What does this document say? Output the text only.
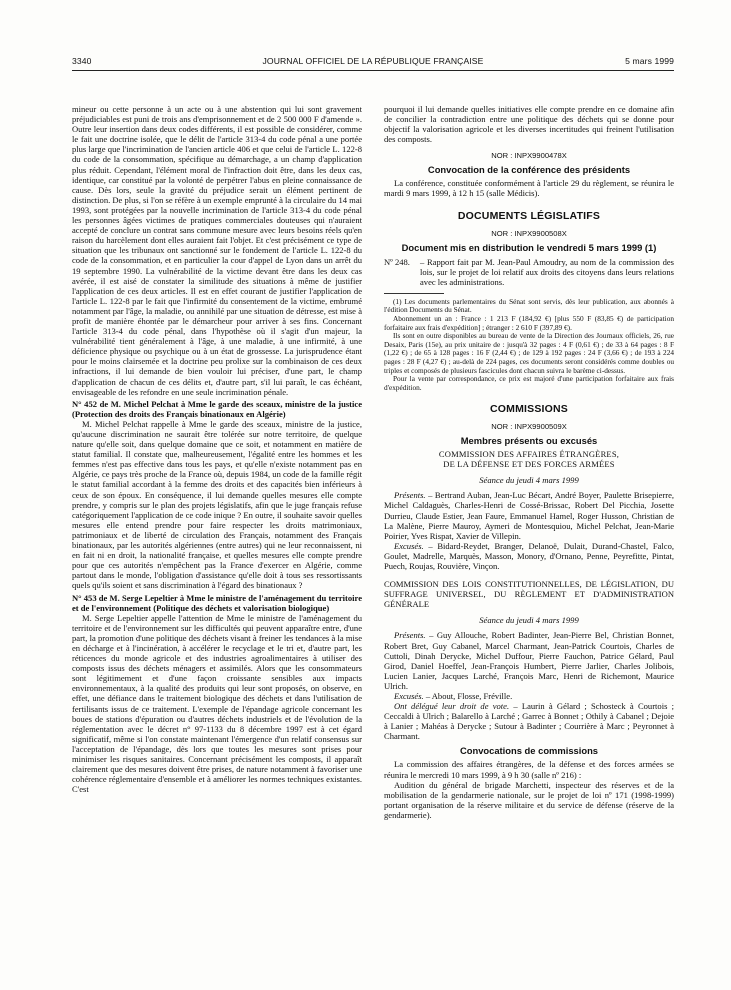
3340	JOURNAL OFFICIEL DE LA RÉPUBLIQUE FRANÇAISE	5 mars 1999

mineur ou cette personne à un acte ou à une abstention qui lui sont gravement préjudiciables est puni de trois ans d'emprisonnement et de 2 500 000 F d'amende ». Outre leur insertion dans deux codes différents, il est possible de considérer, comme le fait une doctrine isolée, que le délit de l'article 313-4 du code pénal a une portée plus large que l'incrimination de l'ancien article 406 et que celui de l'article L. 122-8 du code de la consommation, spécifique au démarchage, a un champ d'application plus réduit. Cependant, l'élément moral de l'infraction doit être, dans les deux cas, identique, car constitué par la volonté de perpétrer l'abus en pleine connaissance de cause. Dès lors, seule la gravité du préjudice serait un élément pertinent de distinction. De plus, si l'on se réfère à un exemple emprunté à la circulaire du 14 mai 1993, sont protégées par la nouvelle incrimination de l'article 313-4 du code pénal les personnes âgées victimes de pratiques commerciales douteuses qui n'auraient accepté de conclure un contrat sans commune mesure avec leurs besoins réels qu'en raison du harcèlement dont elles auraient fait l'objet. Et c'est précisément ce type de situation que les tribunaux ont sanctionné sur le fondement de l'article L. 122-8 du code de la consommation, et en particulier la cour d'appel de Lyon dans un arrêt du 19 septembre 1990. La vulnérabilité de la victime devant être dans les deux cas avérée, il est aisé de constater la similitude des situations à même de justifier l'application de ces deux articles. Il est en effet courant de justifier l'application de l'article L. 122-8 par le fait que l'infirmité du consentement de la victime, embrumé notamment par l'âge, la maladie, ou annihilé par une situation de détresse, est mise à profit de manière éhontée par le démarcheur pour arriver à ses fins. Concernant l'article 313-4 du code pénal, dans l'hypothèse où il s'agit d'un majeur, la vulnérabilité tient généralement à l'âge, à une maladie, à une infirmité, à une déficience physique ou psychique ou à un état de grossesse. La jurisprudence étant pour le moins clairsemée et la doctrine peu prolixe sur la combinaison de ces deux infractions, il lui demande de bien vouloir lui préciser, d'une part, le champ d'application de chacun de ces délits et, d'autre part, s'il lui paraît, le cas échéant, envisageable de les refondre en une seule incrimination pénale.

N° 452 de M. Michel Pelchat à Mme le garde des sceaux, ministre de la justice (Protection des droits des Français binationaux en Algérie)

M. Michel Pelchat rappelle à Mme le garde des sceaux, ministre de la justice, qu'aucune discrimination ne saurait être tolérée sur notre territoire, de quelque nature qu'elle soit, dans quelque domaine que ce soit, et notamment en matière de statut familial. Il constate que, malheureusement, l'égalité entre les hommes et les femmes n'est pas effective dans tous les pays, et qu'elle n'existe notamment pas en Algérie, ce pays très proche de la France où, depuis 1984, un code de la famille régit le statut familial accordant à la femme des droits et des capacités bien inférieurs à ceux de son époux. En conséquence, il lui demande quelles mesures elle compte prendre, y compris sur le plan des projets législatifs, afin que le juge français refuse catégoriquement l'application de ce code inique ? En outre, il souhaite savoir quelles mesures elle entend prendre pour faire respecter les droits matrimoniaux, patrimoniaux et de liberté de circulation des Français, notamment des Français binationaux, par les autorités algériennes (entre autres) qui ne leur reconnaissent, ni en fait ni en droit, la nationalité française, et quelles mesures elle compte prendre pour que ces autorités n'empêchent pas la France d'exercer en Algérie, comme partout dans le monde, l'obligation d'assistance qu'elle doit à tous ses ressortissants quels qu'ils soient et sans discrimination à l'égard des binationaux ?

N° 453 de M. Serge Lepeltier à Mme le ministre de l'aménagement du territoire et de l'environnement (Politique des déchets et valorisation biologique)

M. Serge Lepeltier appelle l'attention de Mme le ministre de l'aménagement du territoire et de l'environnement sur les difficultés qui peuvent apparaître entre, d'une part, la promotion d'une politique des déchets visant à freiner les tendances à la mise en décharge et à l'incinération, à accélérer le recyclage et le tri et, d'autre part, les réticences du monde agricole et des industries agroalimentaires à utiliser des composts issus des déchets ménagers et assimilés. Alors que les consommateurs sont légitimement et d'une façon croissante sensibles aux impacts environnementaux, à la qualité des produits qui leur sont proposés, on observe, en effet, une défiance dans le traitement biologique des déchets et dans l'utilisation de fertilisants issus de ce traitement. L'exemple de l'épandage agricole concernant les boues de stations d'épuration ou d'autres déchets industriels et de l'évolution de la réglementation avec le décret n° 97-1133 du 8 décembre 1997 est à cet égard significatif, même si l'on constate maintenant l'émergence d'un relatif consensus sur l'acceptation de l'épandage, dès lors que toutes les mesures sont prises pour minimiser les risques sanitaires. Concernant précisément les composts, il apparaît clairement que des mesures doivent être prises, de nature notamment à favoriser une cohérence réglementaire d'ensemble et à améliorer les normes techniques existantes. C'est

pourquoi il lui demande quelles initiatives elle compte prendre en ce domaine afin de concilier la contradiction entre une politique des déchets qui se donne pour objectif la valorisation agricole et les diverses incertitudes qui freinent l'utilisation des composts.

NOR : INPX9900478X
Convocation de la conférence des présidents

La conférence, constituée conformément à l'article 29 du règlement, se réunira le mardi 9 mars 1999, à 12 h 15 (salle Médicis).

DOCUMENTS LÉGISLATIFS
NOR : INPX9900508X
Document mis en distribution le vendredi 5 mars 1999 (1)
Nº 248.	– Rapport fait par M. Jean-Paul Amoudry, au nom de la commission des lois, sur le projet de loi relatif aux droits des citoyens dans leurs relations avec les administrations.

(1) Les documents parlementaires du Sénat sont servis, dès leur publication, aux abonnés à l'édition Documents du Sénat.

Abonnement un an : France : 1 213 F (184,92 €) [plus 550 F (83,85 €) de participation forfaitaire aux frais d'expédition] ; étranger : 2 610 F (397,89 €).

Ils sont en outre disponibles au bureau de vente de la Direction des Journaux officiels, 26, rue Desaix, Paris (15e), au prix unitaire de : jusqu'à 32 pages : 4 F (0,61 €) ; de 33 à 64 pages : 8 F (1,22 €) ; de 65 à 128 pages : 16 F (2,44 €) ; de 129 à 192 pages : 24 F (3,66 €) ; de 193 à 224 pages : 28 F (4,27 €) ; au-delà de 224 pages, ces documents seront considérés comme doubles ou triples et composés de plusieurs fascicules dont chacun suivra le barème ci-dessus.

Pour la vente par correspondance, ce prix est majoré d'une participation forfaitaire aux frais d'expédition.

COMMISSIONS
NOR : INPX9900509X
Membres présents ou excusés
COMMISSION DES AFFAIRES ÉTRANGÈRES,
DE LA DÉFENSE ET DES FORCES ARMÉES
Séance du jeudi 4 mars 1999

Présents. – Bertrand Auban, Jean-Luc Bécart, André Boyer, Paulette Brisepierre, Michel Caldaguès, Charles-Henri de Cossé-Brissac, Robert Del Picchia, Josette Durrieu, Claude Estier, Jean Faure, Emmanuel Hamel, Roger Husson, Christian de La Malène, Pierre Mauroy, Aymeri de Montesquiou, Michel Pelchat, Jean-Marie Poirier, Yves Rispat, Xavier de Villepin.

Excusés. – Bidard-Reydet, Branger, Delanoë, Dulait, Durand-Chastel, Falco, Goulet, Madrelle, Marquès, Masson, Monory, d'Ornano, Penne, Peyrefitte, Pintat, Puech, Roujas, Rouvière, Vinçon.

COMMISSION DES LOIS CONSTITUTIONNELLES, DE LÉGISLATION, DU SUFFRAGE UNIVERSEL, DU RÈGLEMENT ET D'ADMINISTRATION GÉNÉRALE
Séance du jeudi 4 mars 1999

Présents. – Guy Allouche, Robert Badinter, Jean-Pierre Bel, Christian Bonnet, Robert Bret, Guy Cabanel, Marcel Charmant, Jean-Patrick Courtois, Charles de Cuttoli, Dinah Derycke, Michel Duffour, Pierre Fauchon, Patrice Gélard, Paul Girod, Daniel Hoeffel, Jean-François Humbert, Pierre Jarlier, Charles Jolibois, Lucien Lanier, Jacques Larché, François Marc, Henri de Richemont, Maurice Ulrich.

Excusés. – About, Flosse, Fréville.

Ont délégué leur droit de vote. – Laurin à Gélard ; Schosteck à Courtois ; Ceccaldi à Ulrich ; Balarello à Larché ; Garrec à Bonnet ; Othily à Cabanel ; Dejoie à Lanier ; Mahéas à Derycke ; Sutour à Badinter ; Courrière à Marc ; Peyronnet à Charmant.

Convocations de commissions

La commission des affaires étrangères, de la défense et des forces armées se réunira le mercredi 10 mars 1999, à 9 h 30 (salle nº 216) :

Audition du général de brigade Marchetti, inspecteur des réserves et de la mobilisation de la gendarmerie nationale, sur le projet de loi nº 171 (1998-1999) portant organisation de la réserve militaire et du service de défense (réserve de la gendarmerie).
